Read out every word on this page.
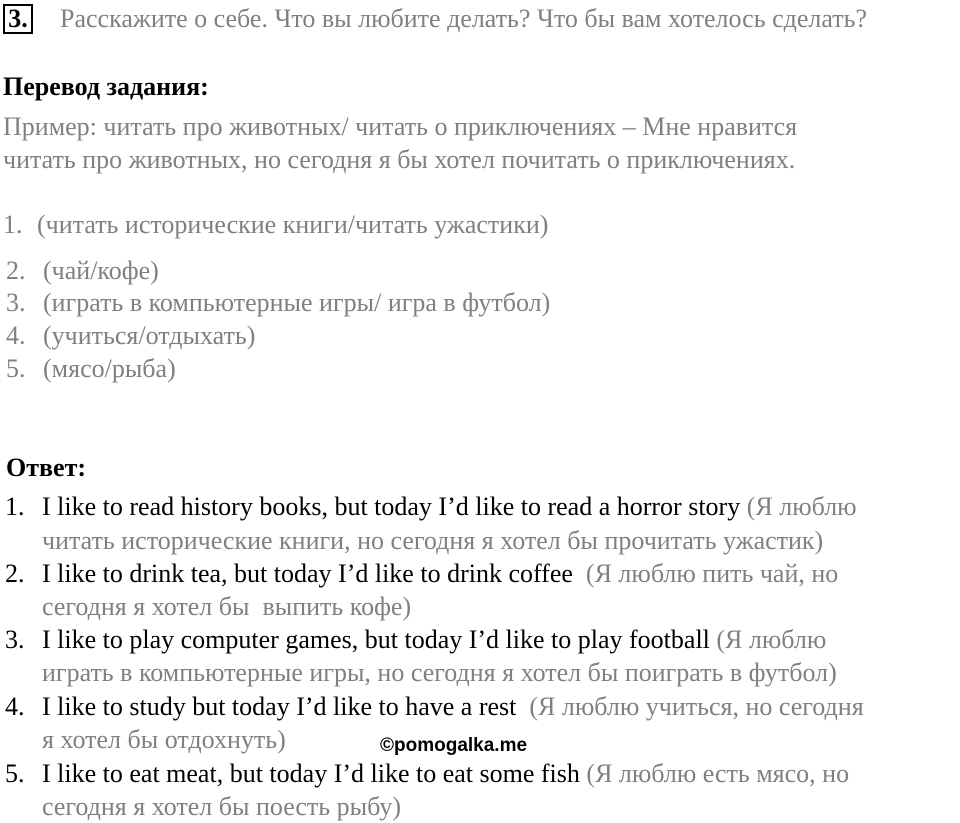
3. Расскажите о себе. Что вы любите делать? Что бы вам хотелось сделать?
Перевод задания:
Пример: читать про животных/ читать о приключениях – Мне нравится
читать про животных, но сегодня я бы хотел почитать о приключениях.
1. (читать исторические книги/читать ужастики)
2. (чай/кофе)
3. (играть в компьютерные игры/ игра в футбол)
4. (учиться/отдыхать)
5. (мясо/рыба)
Ответ:
1. I like to read history books, but today I’d like to read a horror story (Я люблю
читать исторические книги, но сегодня я хотел бы прочитать ужастик)
2. I like to drink tea, but today I’d like to drink coffee  (Я люблю пить чай, но
сегодня я хотел бы  выпить кофе)
3. I like to play computer games, but today I’d like to play football (Я люблю
играть в компьютерные игры, но сегодня я хотел бы поиграть в футбол)
4. I like to study but today I’d like to have a rest  (Я люблю учиться, но сегодня
я хотел бы отдохнуть)
5. I like to eat meat, but today I’d like to eat some fish (Я люблю есть мясо, но
сегодня я хотел бы поесть рыбу)
©pomogalka.me
